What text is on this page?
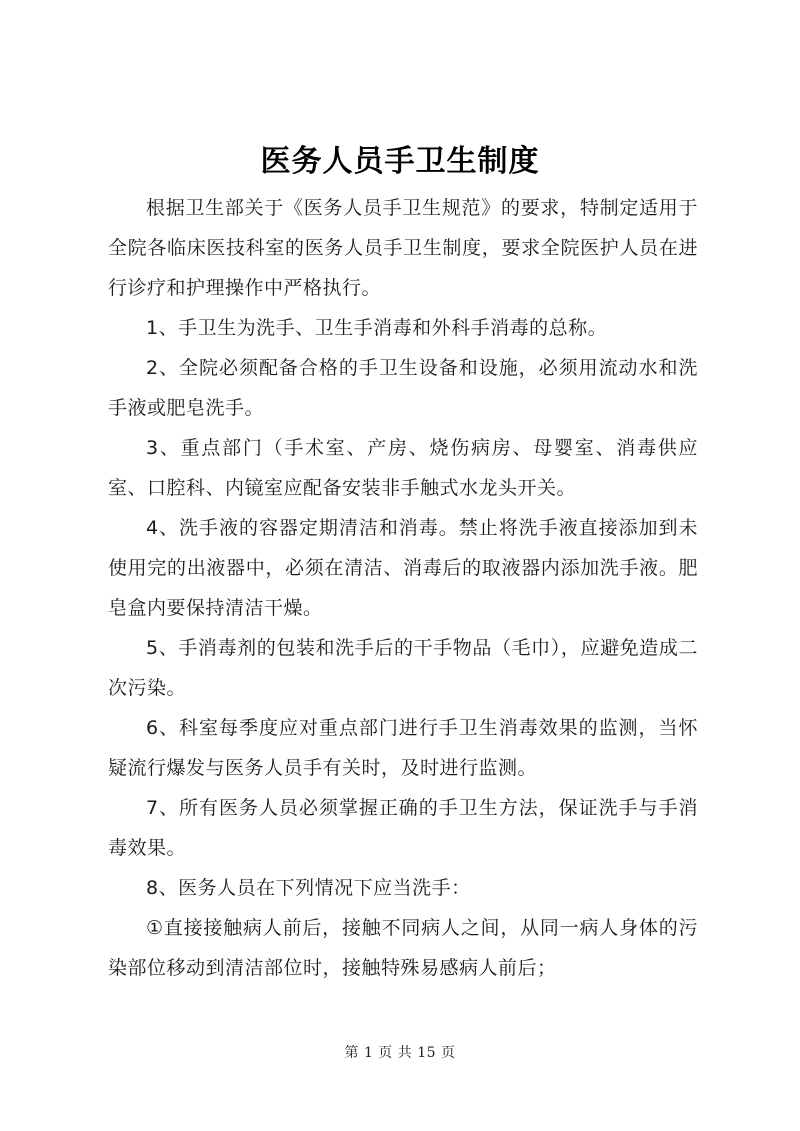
医务人员手卫生制度

根据卫生部关于《医务人员手卫生规范》的要求，特制定适用于全院各临床医技科室的医务人员手卫生制度，要求全院医护人员在进行诊疗和护理操作中严格执行。

1、手卫生为洗手、卫生手消毒和外科手消毒的总称。

2、全院必须配备合格的手卫生设备和设施，必须用流动水和洗手液或肥皂洗手。

3、重点部门（手术室、产房、烧伤病房、母婴室、消毒供应室、口腔科、内镜室应配备安装非手触式水龙头开关。

4、洗手液的容器定期清洁和消毒。禁止将洗手液直接添加到未使用完的出液器中，必须在清洁、消毒后的取液器内添加洗手液。肥皂盒内要保持清洁干燥。

5、手消毒剂的包装和洗手后的干手物品（毛巾），应避免造成二次污染。

6、科室每季度应对重点部门进行手卫生消毒效果的监测，当怀疑流行爆发与医务人员手有关时，及时进行监测。

7、所有医务人员必须掌握正确的手卫生方法，保证洗手与手消毒效果。

8、医务人员在下列情况下应当洗手：

①直接接触病人前后，接触不同病人之间，从同一病人身体的污染部位移动到清洁部位时，接触特殊易感病人前后；

第 1 页 共 15 页
